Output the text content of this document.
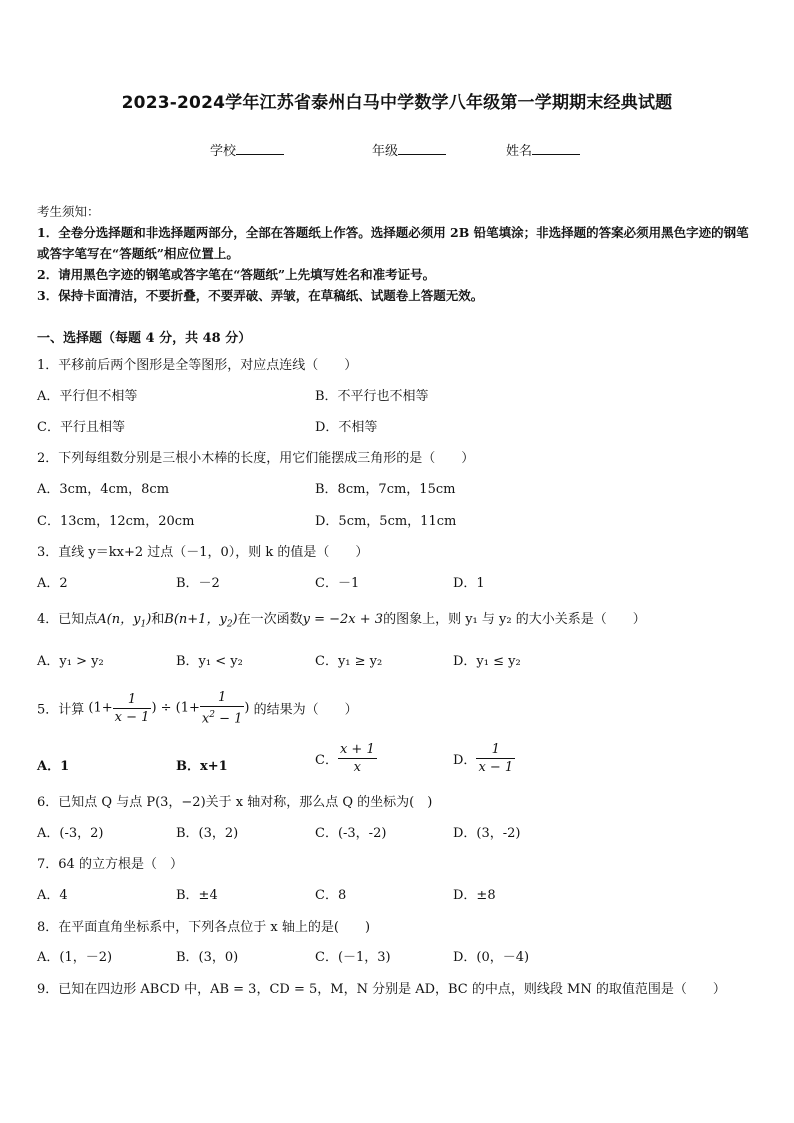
2023-2024学年江苏省泰州白马中学数学八年级第一学期期末经典试题
学校	年级	姓名
考生须知：
1．全卷分选择题和非选择题两部分，全部在答题纸上作答。选择题必须用 2B 铅笔填涂；非选择题的答案必须用黑色字迹的钢笔或答字笔写在“答题纸”相应位置上。
2．请用黑色字迹的钢笔或答字笔在“答题纸”上先填写姓名和准考证号。
3．保持卡面清洁，不要折叠，不要弄破、弄皱，在草稿纸、试题卷上答题无效。
一、选择题（每题 4 分，共 48 分）
1．平移前后两个图形是全等图形，对应点连线（　　）
A．平行但不相等	B．不平行也不相等
C．平行且相等	D．不相等
2．下列每组数分别是三根小木棒的长度，用它们能摆成三角形的是（　　）
A．3cm，4cm，8cm	B．8cm，7cm，15cm
C．13cm，12cm，20cm	D．5cm，5cm，11cm
3．直线 y＝kx+2 过点（－1，0），则 k 的值是（　　）
A．2	B．－2	C．－1	D．1
4．已知点A(n，$y_1$)和B(n+1，$y_2$)在一次函数y = −2x + 3的图象上，则 y₁ 与 y₂ 的大小关系是（　　）
A．y₁ > y₂	B．y₁ < y₂	C．y₁ ≥ y₂	D．y₁ ≤ y₂
5．计算 ($1+ \frac{1}{x - 1}$ ) ÷ ($1+ \frac{1}{x^2 - 1}$ ) 的结果为（　　）
A．1	B．x+1	C． $\frac{x + 1}{x}$	D． $\frac{1}{x - 1}$
6．已知点 Q 与点 P(3，−2)关于 x 轴对称，那么点 Q 的坐标为(　)
A．(-3，2)	B．(3，2)	C．(-3，-2)	D．(3，-2)
7．64 的立方根是（　）
A．4	B．±4	C．8	D．±8
8．在平面直角坐标系中，下列各点位于 x 轴上的是(　　)
A．(1，－2)	B．(3，0)	C．(－1，3)	D．(0，－4)
9．已知在四边形 ABCD 中，AB = 3，CD = 5，M，N 分别是 AD，BC 的中点，则线段 MN 的取值范围是（　　）
